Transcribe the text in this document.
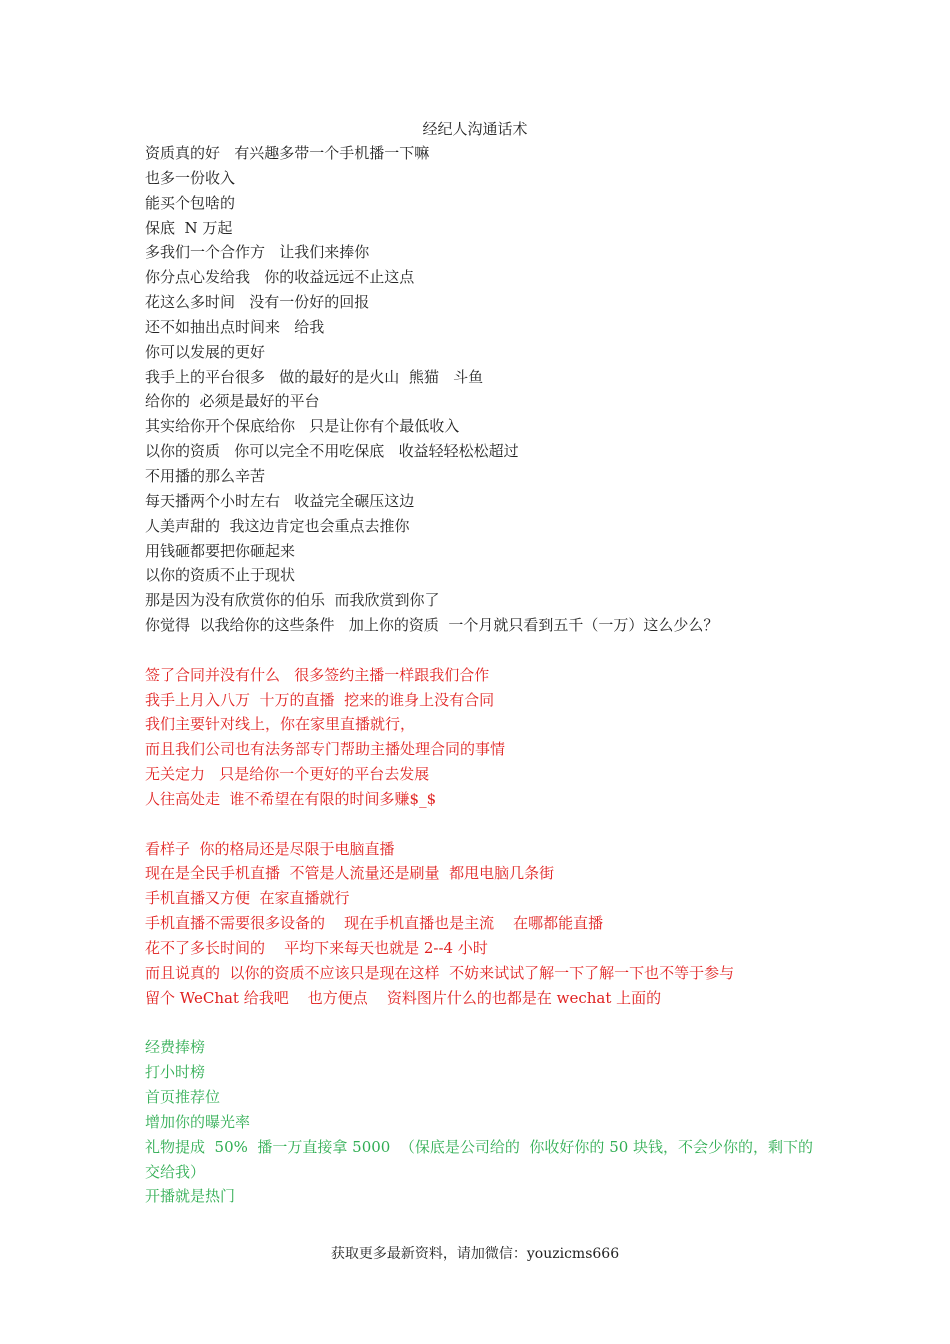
经纪人沟通话术

资质真的好   有兴趣多带一个手机播一下嘛

也多一份收入

能买个包啥的

保底  N 万起

多我们一个合作方   让我们来捧你

你分点心发给我   你的收益远远不止这点

花这么多时间   没有一份好的回报

还不如抽出点时间来   给我

你可以发展的更好

我手上的平台很多   做的最好的是火山  熊猫   斗鱼

给你的  必须是最好的平台

其实给你开个保底给你   只是让你有个最低收入

以你的资质   你可以完全不用吃保底   收益轻轻松松超过

不用播的那么辛苦

每天播两个小时左右   收益完全碾压这边

人美声甜的  我这边肯定也会重点去推你

用钱砸都要把你砸起来

以你的资质不止于现状

那是因为没有欣赏你的伯乐  而我欣赏到你了

你觉得  以我给你的这些条件   加上你的资质  一个月就只看到五千（一万）这么少么？

签了合同并没有什么   很多签约主播一样跟我们合作

我手上月入八万  十万的直播  挖来的谁身上没有合同

我们主要针对线上，你在家里直播就行，

而且我们公司也有法务部专门帮助主播处理合同的事情

无关定力   只是给你一个更好的平台去发展

人往高处走  谁不希望在有限的时间多赚$_$

看样子  你的格局还是尽限于电脑直播

现在是全民手机直播  不管是人流量还是刷量  都甩电脑几条街

手机直播又方便  在家直播就行

手机直播不需要很多设备的    现在手机直播也是主流    在哪都能直播

花不了多长时间的    平均下来每天也就是 2--4 小时

而且说真的  以你的资质不应该只是现在这样  不妨来试试了解一下了解一下也不等于参与

留个 WeChat 给我吧    也方便点    资料图片什么的也都是在 wechat 上面的

经费捧榜

打小时榜

首页推荐位

增加你的曝光率

礼物提成  50%  播一万直接拿 5000  （保底是公司给的  你收好你的 50 块钱，不会少你的，剩下的交给我）

开播就是热门

获取更多最新资料，请加微信：youzicms666
